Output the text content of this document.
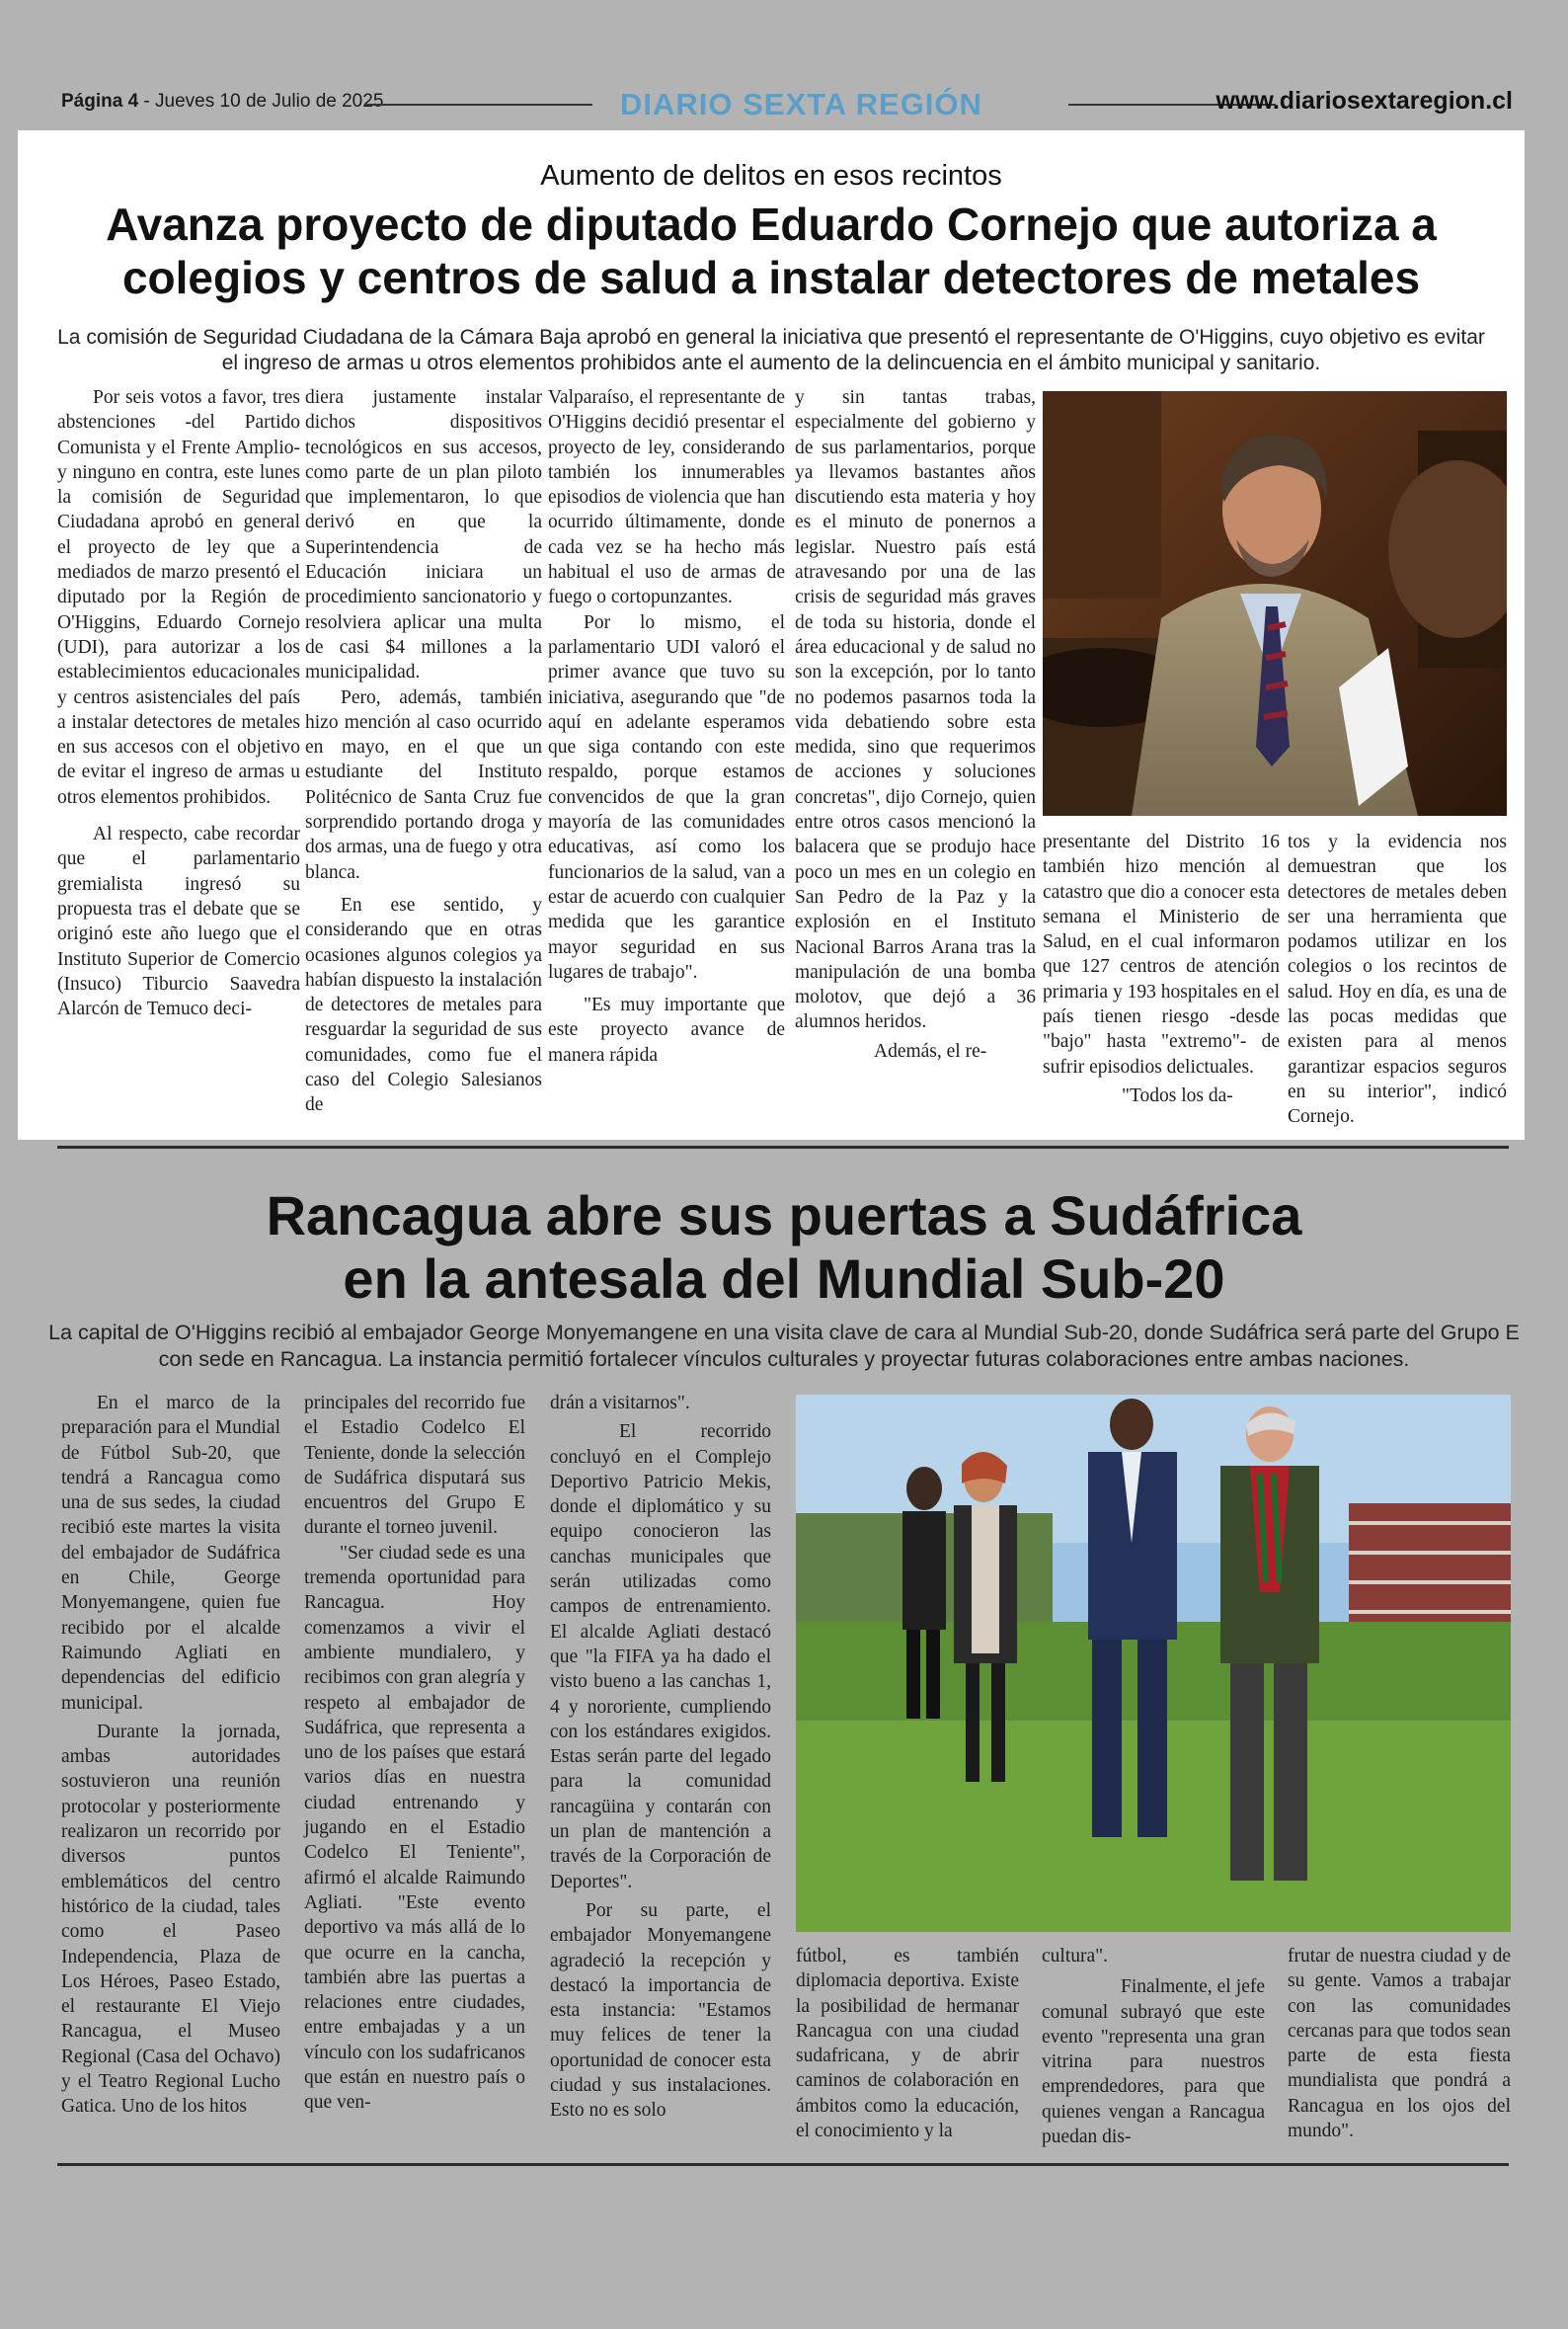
Página 4 - Jueves 10 de Julio de 2025	DIARIO SEXTA REGIÓN	www.diariosextaregion.cl
Aumento de delitos en esos recintos
Avanza proyecto de diputado Eduardo Cornejo que autoriza a
colegios y centros de salud a instalar detectores de metales
La comisión de Seguridad Ciudadana de la Cámara Baja aprobó en general la iniciativa que presentó el representante de O'Higgins, cuyo objetivo es evitar
el ingreso de armas u otros elementos prohibidos ante el aumento de la delincuencia en el ámbito municipal y sanitario.

Por seis votos a favor, tres abstenciones -del Partido Comunista y el Frente Amplio- y ninguno en contra, este lunes la comisión de Seguridad Ciudadana aprobó en general el proyecto de ley que a mediados de marzo presentó el diputado por la Región de O'Higgins, Eduardo Cornejo (UDI), para autorizar a los establecimientos educacionales y centros asistenciales del país a instalar detectores de metales en sus accesos con el objetivo de evitar el ingreso de armas u otros elementos prohibidos.

Al respecto, cabe recordar que el parlamentario gremialista ingresó su propuesta tras el debate que se originó este año luego que el Instituto Superior de Comercio (Insuco) Tiburcio Saavedra Alarcón de Temuco deci-

diera justamente instalar dichos dispositivos tecnológicos en sus accesos, como parte de un plan piloto que implementaron, lo que derivó en que la Superintendencia de Educación iniciara un procedimiento sancionatorio y resolviera aplicar una multa de casi $4 millones a la municipalidad.

Pero, además, también hizo mención al caso ocurrido en mayo, en el que un estudiante del Instituto Politécnico de Santa Cruz fue sorprendido portando droga y dos armas, una de fuego y otra blanca.

En ese sentido, y considerando que en otras ocasiones algunos colegios ya habían dispuesto la instalación de detectores de metales para resguardar la seguridad de sus comunidades, como fue el caso del Colegio Salesianos de

Valparaíso, el representante de O'Higgins decidió presentar el proyecto de ley, considerando también los innumerables episodios de violencia que han ocurrido últimamente, donde cada vez se ha hecho más habitual el uso de armas de fuego o cortopunzantes.

Por lo mismo, el parlamentario UDI valoró el primer avance que tuvo su iniciativa, asegurando que "de aquí en adelante esperamos que siga contando con este respaldo, porque estamos convencidos de que la gran mayoría de las comunidades educativas, así como los funcionarios de la salud, van a estar de acuerdo con cualquier medida que les garantice mayor seguridad en sus lugares de trabajo".

"Es muy importante que este proyecto avance de manera rápida

y sin tantas trabas, especialmente del gobierno y de sus parlamentarios, porque ya llevamos bastantes años discutiendo esta materia y hoy es el minuto de ponernos a legislar. Nuestro país está atravesando por una de las crisis de seguridad más graves de toda su historia, donde el área educacional y de salud no son la excepción, por lo tanto no podemos pasarnos toda la vida debatiendo sobre esta medida, sino que requerimos de acciones y soluciones concretas", dijo Cornejo, quien entre otros casos mencionó la balacera que se produjo hace poco un mes en un colegio en San Pedro de la Paz y la explosión en el Instituto Nacional Barros Arana tras la manipulación de una bomba molotov, que dejó a 36 alumnos heridos.

Además, el re-

presentante del Distrito 16 también hizo mención al catastro que dio a conocer esta semana el Ministerio de Salud, en el cual informaron que 127 centros de atención primaria y 193 hospitales en el país tienen riesgo -desde "bajo" hasta "extremo"- de sufrir episodios delictuales.

"Todos los da-

tos y la evidencia nos demuestran que los detectores de metales deben ser una herramienta que podamos utilizar en los colegios o los recintos de salud. Hoy en día, es una de las pocas medidas que existen para al menos garantizar espacios seguros en su interior", indicó Cornejo.

Rancagua abre sus puertas a Sudáfrica
en la antesala del Mundial Sub-20
La capital de O'Higgins recibió al embajador George Monyemangene en una visita clave de cara al Mundial Sub-20, donde Sudáfrica será parte del Grupo E
con sede en Rancagua. La instancia permitió fortalecer vínculos culturales y proyectar futuras colaboraciones entre ambas naciones.

En el marco de la preparación para el Mundial de Fútbol Sub-20, que tendrá a Rancagua como una de sus sedes, la ciudad recibió este martes la visita del embajador de Sudáfrica en Chile, George Monyemangene, quien fue recibido por el alcalde Raimundo Agliati en dependencias del edificio municipal.

Durante la jornada, ambas autoridades sostuvieron una reunión protocolar y posteriormente realizaron un recorrido por diversos puntos emblemáticos del centro histórico de la ciudad, tales como el Paseo Independencia, Plaza de Los Héroes, Paseo Estado, el restaurante El Viejo Rancagua, el Museo Regional (Casa del Ochavo) y el Teatro Regional Lucho Gatica. Uno de los hitos

principales del recorrido fue el Estadio Codelco El Teniente, donde la selección de Sudáfrica disputará sus encuentros del Grupo E durante el torneo juvenil.

"Ser ciudad sede es una tremenda oportunidad para Rancagua. Hoy comenzamos a vivir el ambiente mundialero, y recibimos con gran alegría y respeto al embajador de Sudáfrica, que representa a uno de los países que estará varios días en nuestra ciudad entrenando y jugando en el Estadio Codelco El Teniente", afirmó el alcalde Raimundo Agliati. "Este evento deportivo va más allá de lo que ocurre en la cancha, también abre las puertas a relaciones entre ciudades, entre embajadas y a un vínculo con los sudafricanos que están en nuestro país o que ven-

drán a visitarnos".

El recorrido concluyó en el Complejo Deportivo Patricio Mekis, donde el diplomático y su equipo conocieron las canchas municipales que serán utilizadas como campos de entrenamiento. El alcalde Agliati destacó que "la FIFA ya ha dado el visto bueno a las canchas 1, 4 y nororiente, cumpliendo con los estándares exigidos. Estas serán parte del legado para la comunidad rancagüina y contarán con un plan de mantención a través de la Corporación de Deportes".

Por su parte, el embajador Monyemangene agradeció la recepción y destacó la importancia de esta instancia: "Estamos muy felices de tener la oportunidad de conocer esta ciudad y sus instalaciones. Esto no es solo

fútbol, es también diplomacia deportiva. Existe la posibilidad de hermanar Rancagua con una ciudad sudafricana, y de abrir caminos de colaboración en ámbitos como la educación, el conocimiento y la

cultura".

Finalmente, el jefe comunal subrayó que este evento "representa una gran vitrina para nuestros emprendedores, para que quienes vengan a Rancagua puedan dis-

frutar de nuestra ciudad y de su gente. Vamos a trabajar con las comunidades cercanas para que todos sean parte de esta fiesta mundialista que pondrá a Rancagua en los ojos del mundo".
